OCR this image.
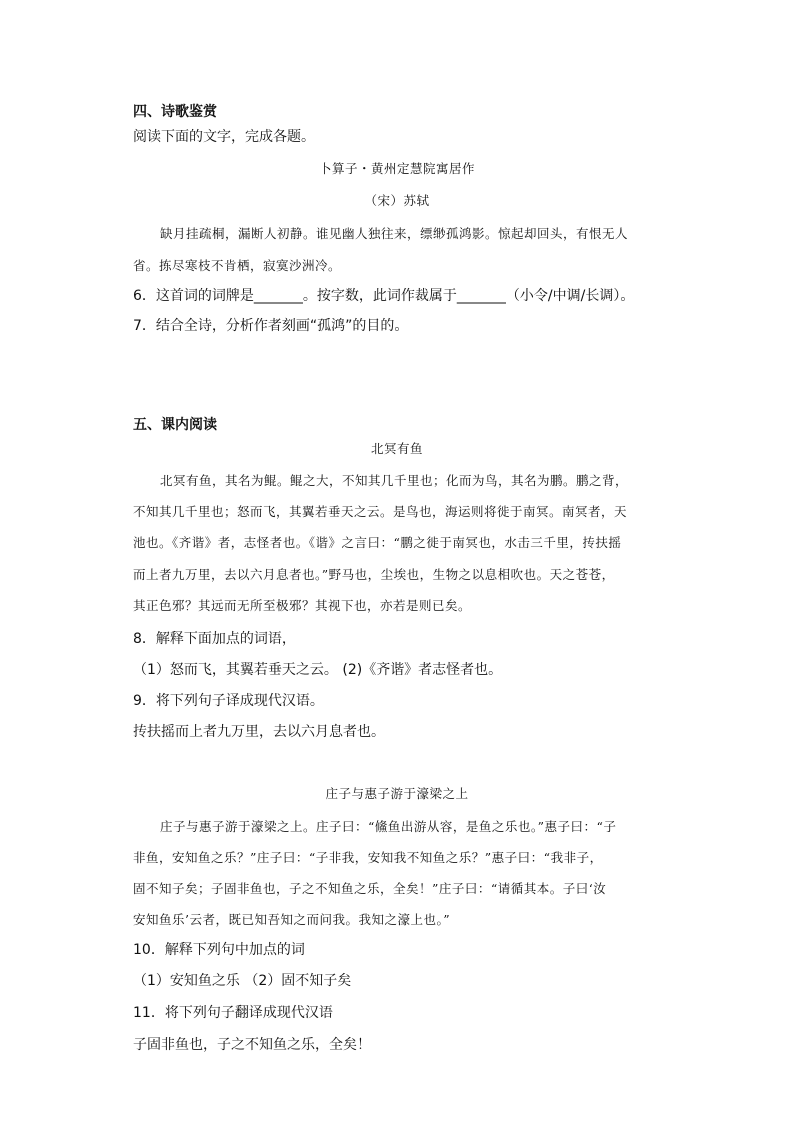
四、诗歌鉴赏
阅读下面的文字，完成各题。
卜算子・黄州定慧院寓居作
（宋）苏轼
缺月挂疏桐，漏断人初静。谁见幽人独往来，缥缈孤鸿影。惊起却回头，有恨无人
省。拣尽寒枝不肯栖，寂寞沙洲冷。
6．这首词的词牌是_______。按字数，此词作裁属于_______（小令/中调/长调）。
7．结合全诗，分析作者刻画“孤鸿”的目的。
五、课内阅读
北冥有鱼
北冥有鱼，其名为鲲。鲲之大，不知其几千里也；化而为鸟，其名为鹏。鹏之背，
不知其几千里也；怒而飞，其翼若垂天之云。是鸟也，海运则将徙于南冥。南冥者，天
池也。《齐谐》者，志怪者也。《谐》之言曰：“鹏之徙于南冥也，水击三千里，抟扶摇
而上者九万里，去以六月息者也。”野马也，尘埃也，生物之以息相吹也。天之苍苍，
其正色邪？其远而无所至极邪？其视下也，亦若是则已矣。
8．解释下面加点的词语，
（1）怒而飞，其翼若垂天之云。 (2)《齐谐》者志怪者也。
9．将下列句子译成现代汉语。
抟扶摇而上者九万里，去以六月息者也。
庄子与惠子游于濠梁之上
庄子与惠子游于濠梁之上。庄子曰：“鯈鱼出游从容，是鱼之乐也。”惠子曰：“子
非鱼，安知鱼之乐？”庄子曰：“子非我，安知我不知鱼之乐？”惠子曰：“我非子，
固不知子矣；子固非鱼也，子之不知鱼之乐，全矣！”庄子曰：“请循其本。子曰‘汝
安知鱼乐’云者，既已知吾知之而问我。我知之濠上也。”
10．解释下列句中加点的词
（1）安知鱼之乐 （2）固不知子矣
11．将下列句子翻译成现代汉语
子固非鱼也，子之不知鱼之乐，全矣！
